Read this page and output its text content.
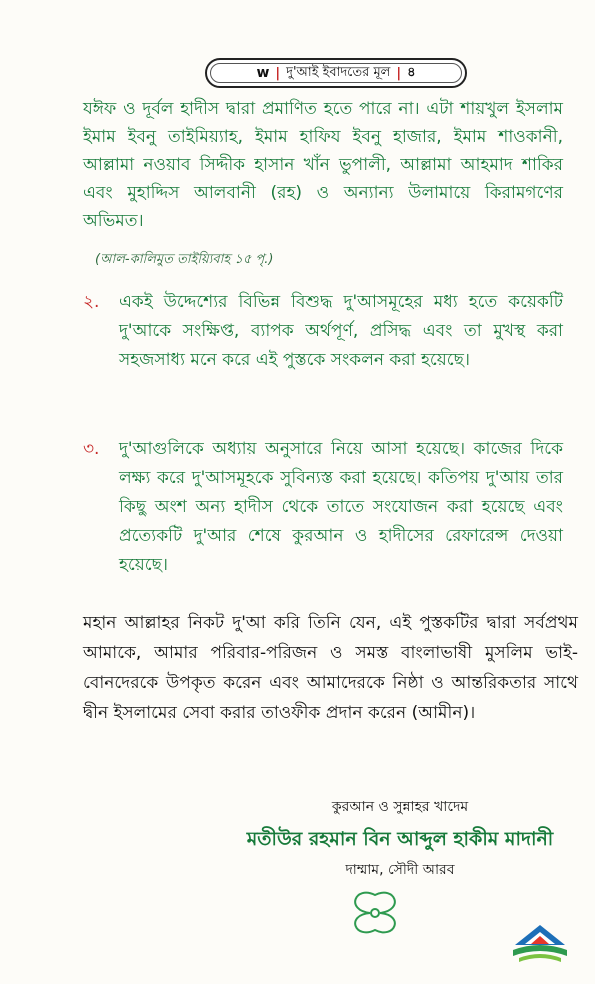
w | দু'আই ইবাদতের মূল | ৪
যঈফ ও দূর্বল হাদীস দ্বারা প্রমাণিত হতে পারে না। এটা শায়খুল ইসলাম ইমাম ইবনু তাইমিয়্যাহ, ইমাম হাফিয ইবনু হাজার, ইমাম শাওকানী, আল্লামা নওয়াব সিদ্দীক হাসান খাঁন ভুপালী, আল্লামা আহমাদ শাকির এবং মুহাদ্দিস আলবানী (রহ) ও অন্যান্য উলামায়ে কিরামগণের অভিমত।
(আল-কালিমুত তাইয়্যিবাহ ১৫ পৃ.)
২. একই উদ্দেশ্যের বিভিন্ন বিশুদ্ধ দু'আসমূহের মধ্য হতে কয়েকটি দু'আকে সংক্ষিপ্ত, ব্যাপক অর্থপূর্ণ, প্রসিদ্ধ এবং তা মুখস্থ করা সহজসাধ্য মনে করে এই পুস্তকে সংকলন করা হয়েছে।
৩. দু'আগুলিকে অধ্যায় অনুসারে নিয়ে আসা হয়েছে। কাজের দিকে লক্ষ্য করে দু'আসমূহকে সুবিন্যস্ত করা হয়েছে। কতিপয় দু'আয় তার কিছু অংশ অন্য হাদীস থেকে তাতে সংযোজন করা হয়েছে এবং প্রত্যেকটি দু'আর শেষে কুরআন ও হাদীসের রেফারেন্স দেওয়া হয়েছে।
মহান আল্লাহর নিকট দু'আ করি তিনি যেন, এই পুস্তকটির দ্বারা সর্বপ্রথম আমাকে, আমার পরিবার-পরিজন ও সমস্ত বাংলাভাষী মুসলিম ভাই-বোনদেরকে উপকৃত করেন এবং আমাদেরকে নিষ্ঠা ও আন্তরিকতার সাথে দ্বীন ইসলামের সেবা করার তাওফীক প্রদান করেন (আমীন)।
কুরআন ও সুন্নাহর খাদেম
মতীউর রহমান বিন আব্দুল হাকীম মাদানী
দাম্মাম, সৌদী আরব
